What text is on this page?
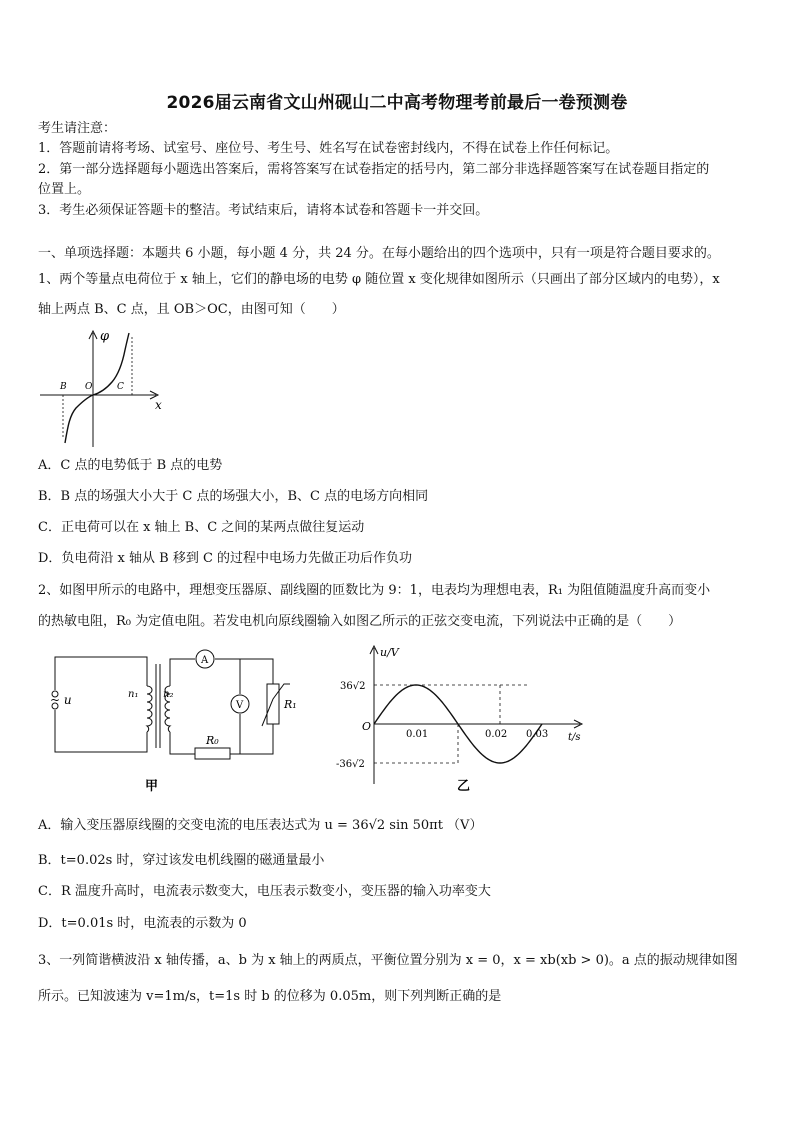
2026届云南省文山州砚山二中高考物理考前最后一卷预测卷
考生请注意：
1．答题前请将考场、试室号、座位号、考生号、姓名写在试卷密封线内，不得在试卷上作任何标记。
2．第一部分选择题每小题选出答案后，需将答案写在试卷指定的括号内，第二部分非选择题答案写在试卷题目指定的
位置上。
3．考生必须保证答题卡的整洁。考试结束后，请将本试卷和答题卡一并交回。
一、单项选择题：本题共 6 小题，每小题 4 分，共 24 分。在每小题给出的四个选项中，只有一项是符合题目要求的。
1、两个等量点电荷位于 x 轴上，它们的静电场的电势 φ 随位置 x 变化规律如图所示（只画出了部分区域内的电势），x
轴上两点 B、C 点，且 OB＞OC，由图可知（　　）
B O	C
φ
x
A．C 点的电势低于 B 点的电势
B．B 点的场强大小大于 C 点的场强大小，B、C 点的电场方向相同
C．正电荷可以在 x 轴上 B、C 之间的某两点做往复运动
D．负电荷沿 x 轴从 B 移到 C 的过程中电场力先做正功后作负功
2、如图甲所示的电路中，理想变压器原、副线圈的匝数比为 9：1，电表均为理想电表，R₁ 为阻值随温度升高而变小
的热敏电阻，R₀ 为定值电阻。若发电机向原线圈输入如图乙所示的正弦交变电流，下列说法中正确的是（　　）
A
V
~ u	n₁ n₂
R₀
R₁
甲
u/V
t/s
O
36√2
-36√2
0.01	0.02 0.03
乙
A．输入变压器原线圈的交变电流的电压表达式为 u = 36√2 sin 50πt （V）
B．t=0.02s 时，穿过该发电机线圈的磁通量最小
C．R 温度升高时，电流表示数变大，电压表示数变小，变压器的输入功率变大
D．t=0.01s 时，电流表的示数为 0
3、一列简谐横波沿 x 轴传播，a、b 为 x 轴上的两质点，平衡位置分别为 x = 0，x = xb(xb > 0)。a 点的振动规律如图
所示。已知波速为 v=1m/s，t=1s 时 b 的位移为 0.05m，则下列判断正确的是
